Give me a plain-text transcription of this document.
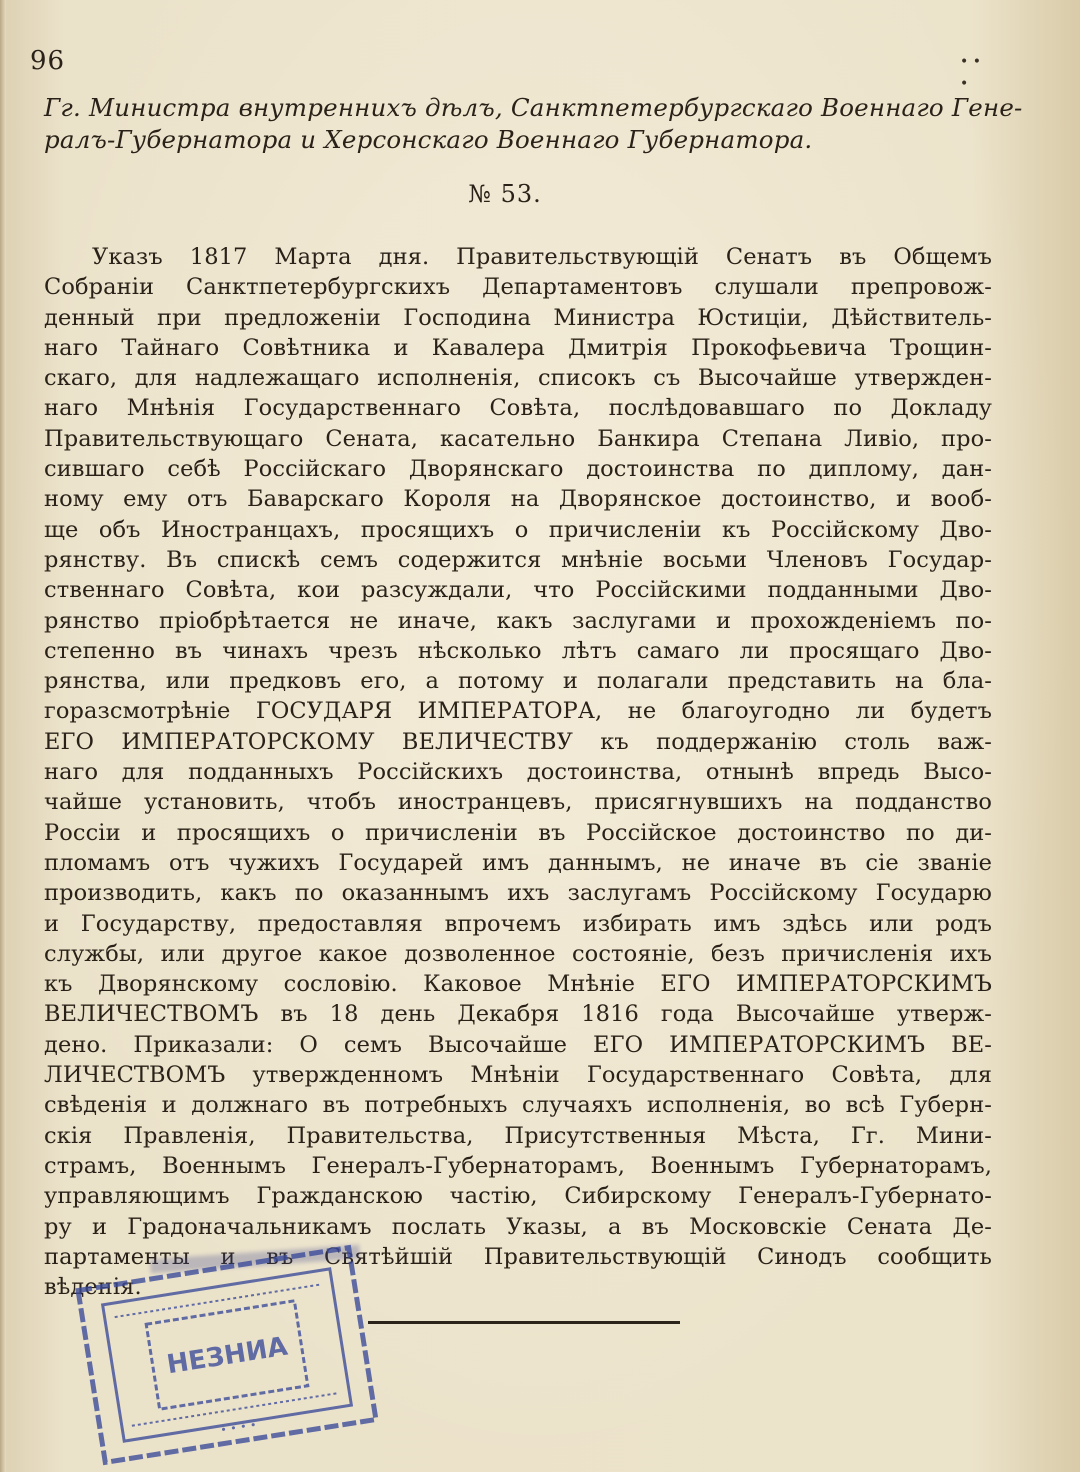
96	• •
•
Гг. Министра внутреннихъ дѣлъ, Санктпетербургскаго Военнаго Гене-
ралъ-Губернатора и Херсонскаго Военнаго Губернатора.
№ 53.
Указъ 1817 Марта дня. Правительствующій Сенатъ въ Общемъ
Собраніи Санктпетербургскихъ Департаментовъ слушали препровож-
денный при предложеніи Господина Министра Юстиціи, Дѣйствитель-
наго Тайнаго Совѣтника и Кавалера Дмитрія Прокофьевича Трощин-
скаго, для надлежащаго исполненія, списокъ съ Высочайше утвержден-
наго Мнѣнія Государственнаго Совѣта, послѣдовавшаго по Докладу
Правительствующаго Сената, касательно Банкира Степана Ливіо, про-
сившаго себѣ Россійскаго Дворянскаго достоинства по диплому, дан-
ному ему отъ Баварскаго Короля на Дворянское достоинство, и вооб-
ще объ Иностранцахъ, просящихъ о причисленіи къ Россійскому Дво-
рянству. Въ спискѣ семъ содержится мнѣніе восьми Членовъ Государ-
ственнаго Совѣта, кои разсуждали, что Россійскими подданными Дво-
рянство пріобрѣтается не иначе, какъ заслугами и прохожденіемъ по-
степенно въ чинахъ чрезъ нѣсколько лѣтъ самаго ли просящаго Дво-
рянства, или предковъ его, а потому и полагали представить на бла-
горазсмотрѣніе ГОСУДАРЯ ИМПЕРАТОРА, не благоугодно ли будетъ
ЕГО ИМПЕРАТОРСКОМУ ВЕЛИЧЕСТВУ къ поддержанію столь важ-
наго для подданныхъ Россійскихъ достоинства, отнынѣ впредь Высо-
чайше установить, чтобъ иностранцевъ, присягнувшихъ на подданство
Россіи и просящихъ о причисленіи въ Россійское достоинство по ди-
пломамъ отъ чужихъ Государей имъ даннымъ, не иначе въ сіе званіе
производить, какъ по оказаннымъ ихъ заслугамъ Россійскому Государю
и Государству, предоставляя впрочемъ избирать имъ здѣсь или родъ
службы, или другое какое дозволенное состояніе, безъ причисленія ихъ
къ Дворянскому сословію. Каковое Мнѣніе ЕГО ИМПЕРАТОРСКИМЪ
ВЕЛИЧЕСТВОМЪ въ 18 день Декабря 1816 года Высочайше утверж-
дено. Приказали: О семъ Высочайше ЕГО ИМПЕРАТОРСКИМЪ ВЕ-
ЛИЧЕСТВОМЪ утвержденномъ Мнѣніи Государственнаго Совѣта, для
свѣденія и должнаго въ потребныхъ случаяхъ исполненія, во всѣ Губерн-
скія Правленія, Правительства, Присутственныя Мѣста, Гг. Мини-
страмъ, Военнымъ Генералъ-Губернаторамъ, Военнымъ Губернаторамъ,
управляющимъ Гражданскою частію, Сибирскому Генералъ-Губернато-
ру и Градоначальникамъ послать Указы, а въ Московскіе Сената Де-
партаменты и въ Святѣйшій Правительствующій Синодъ сообщить
вѣденія.
НЕЗНИА
• • • •
